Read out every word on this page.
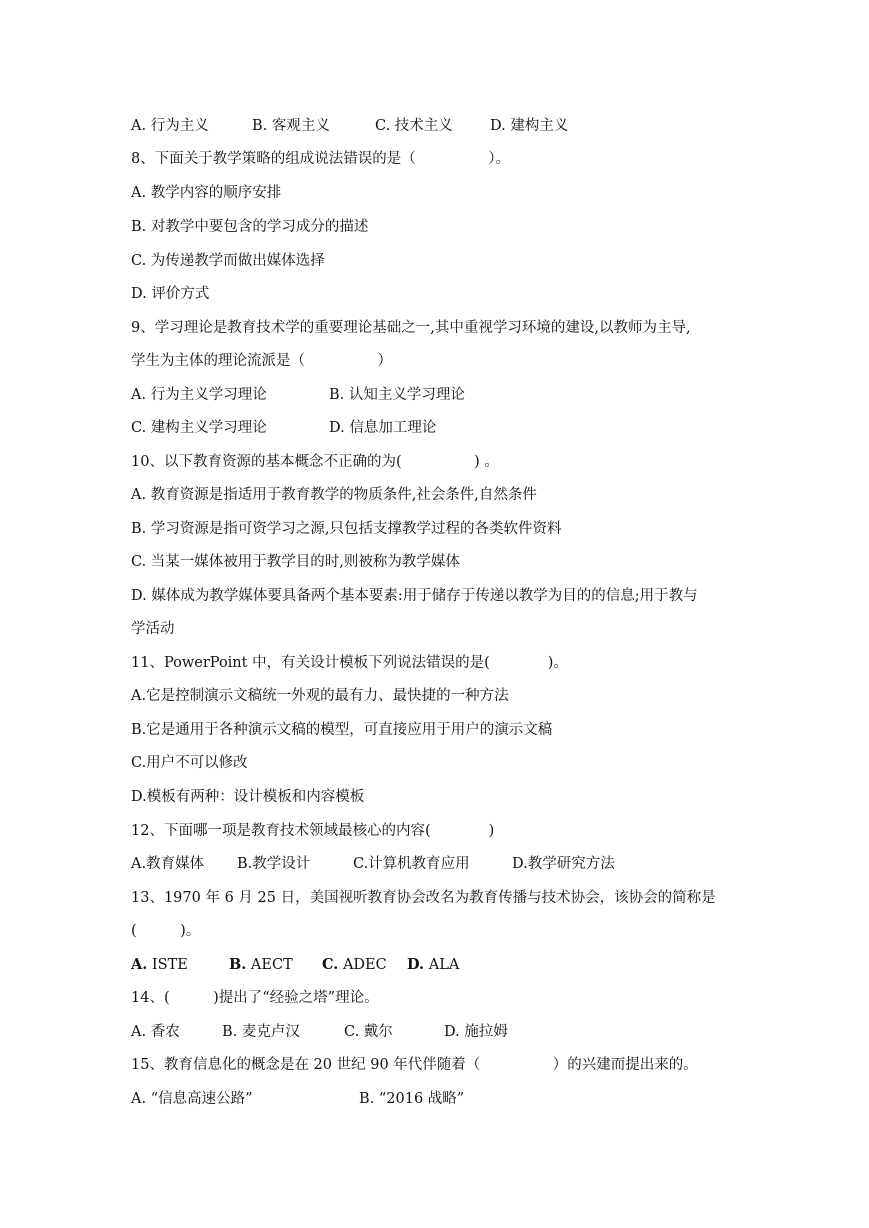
A. 行为主义	B. 客观主义	C. 技术主义	D. 建构主义
8、下面关于教学策略的组成说法错误的是（　　　　　）。
A. 教学内容的顺序安排
B. 对教学中要包含的学习成分的描述
C. 为传递教学而做出媒体选择
D. 评价方式
9、学习理论是教育技术学的重要理论基础之一,其中重视学习环境的建设,以教师为主导,
学生为主体的理论流派是（　　　　　）
A. 行为主义学习理论	B. 认知主义学习理论
C. 建构主义学习理论	D. 信息加工理论
10、以下教育资源的基本概念不正确的为(　　　　　) 。
A. 教育资源是指适用于教育教学的物质条件,社会条件,自然条件
B. 学习资源是指可资学习之源,只包括支撑教学过程的各类软件资料
C. 当某一媒体被用于教学目的时,则被称为教学媒体
D. 媒体成为教学媒体要具备两个基本要素:用于储存于传递以教学为目的的信息;用于教与
学活动
11、PowerPoint 中，有关设计模板下列说法错误的是(　　　　)。
A.它是控制演示文稿统一外观的最有力、最快捷的一种方法
B.它是通用于各种演示文稿的模型，可直接应用于用户的演示文稿
C.用户不可以修改
D.模板有两种：设计模板和内容模板
12、下面哪一项是教育技术领域最核心的内容(　　　　)
A.教育媒体 B.教学设计	C.计算机教育应用	D.教学研究方法
13、1970 年 6 月 25 日，美国视听教育协会改名为教育传播与技术协会，该协会的简称是
(　　　)。
A. ISTE	B. AECT C. ADEC D. ALA
14、(　　　)提出了“经验之塔”理论。
A. 香农	B. 麦克卢汉	C. 戴尔	D. 施拉姆
15、教育信息化的概念是在 20 世纪 90 年代伴随着（　　　　　）的兴建而提出来的。
A. “信息高速公路”	B. “2016 战略”
